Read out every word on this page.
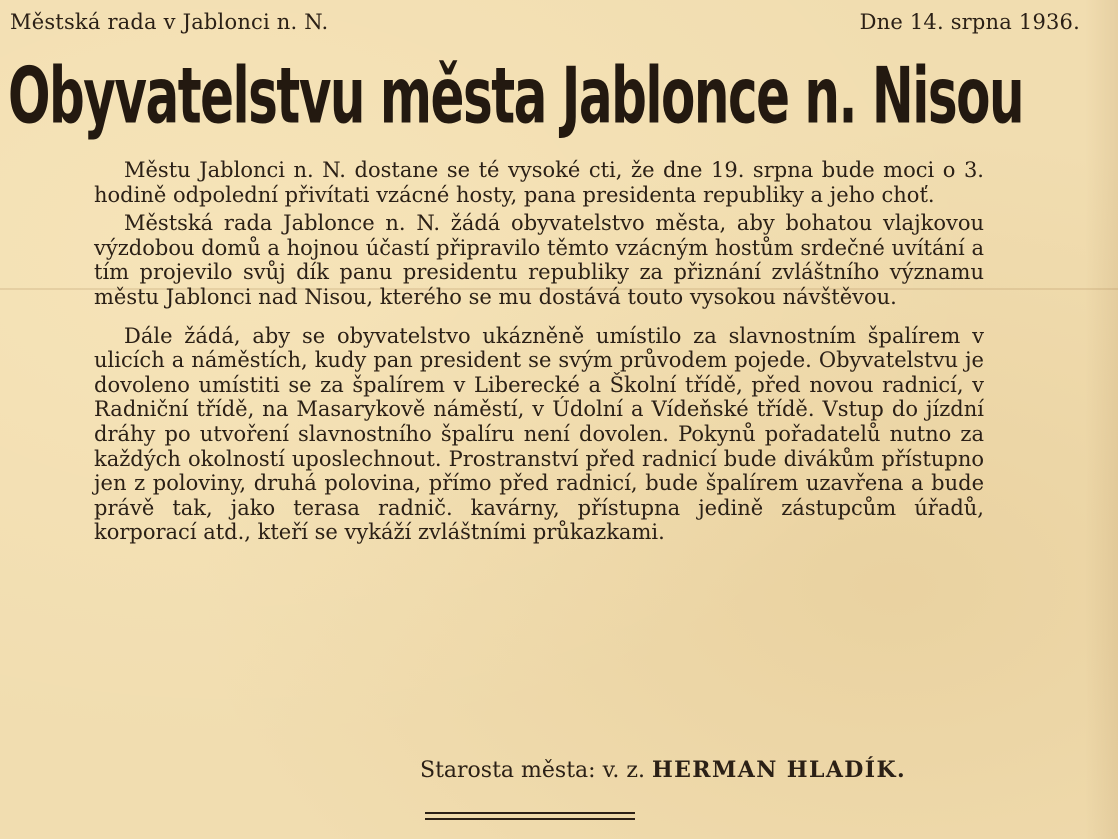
Městská rada v Jablonci n. N.	Dne 14. srpna 1936.
Obyvatelstvu města Jablonce n. Nisou

Městu Jablonci n. N. dostane se té vysoké cti, že dne 19. srpna bude moci o 3. hodině odpolední přivítati vzácné hosty, pana presidenta republiky a jeho choť.

Městská rada Jablonce n. N. žádá obyvatelstvo města, aby bohatou vlajkovou výzdobou domů a hojnou účastí připravilo těmto vzácným hostům srdečné uvítání a tím projevilo svůj dík panu presidentu republiky za přiznání zvláštního významu městu Jablonci nad Nisou, kterého se mu dostává touto vysokou návštěvou.

Dále žádá, aby se obyvatelstvo ukázněně umístilo za slavnostním špalírem v ulicích a náměstích, kudy pan president se svým průvodem pojede. Obyvatelstvu je dovoleno umístiti se za špalírem v Liberecké a Školní třídě, před novou radnicí, v Radniční třídě, na Masarykově náměstí, v Údolní a Vídeňské třídě. Vstup do jízdní dráhy po utvoření slavnostního špalíru není dovolen. Pokynů pořadatelů nutno za každých okolností uposlechnout. Prostranství před radnicí bude divákům přístupno jen z poloviny, druhá polovina, přímo před radnicí, bude špalírem uzavřena a bude právě tak, jako terasa radnič. kavárny, přístupna jedině zástupcům úřadů, korporací atd., kteří se vykáží zvláštními průkazkami.

Starosta města: v. z. HERMAN HLADÍK.
